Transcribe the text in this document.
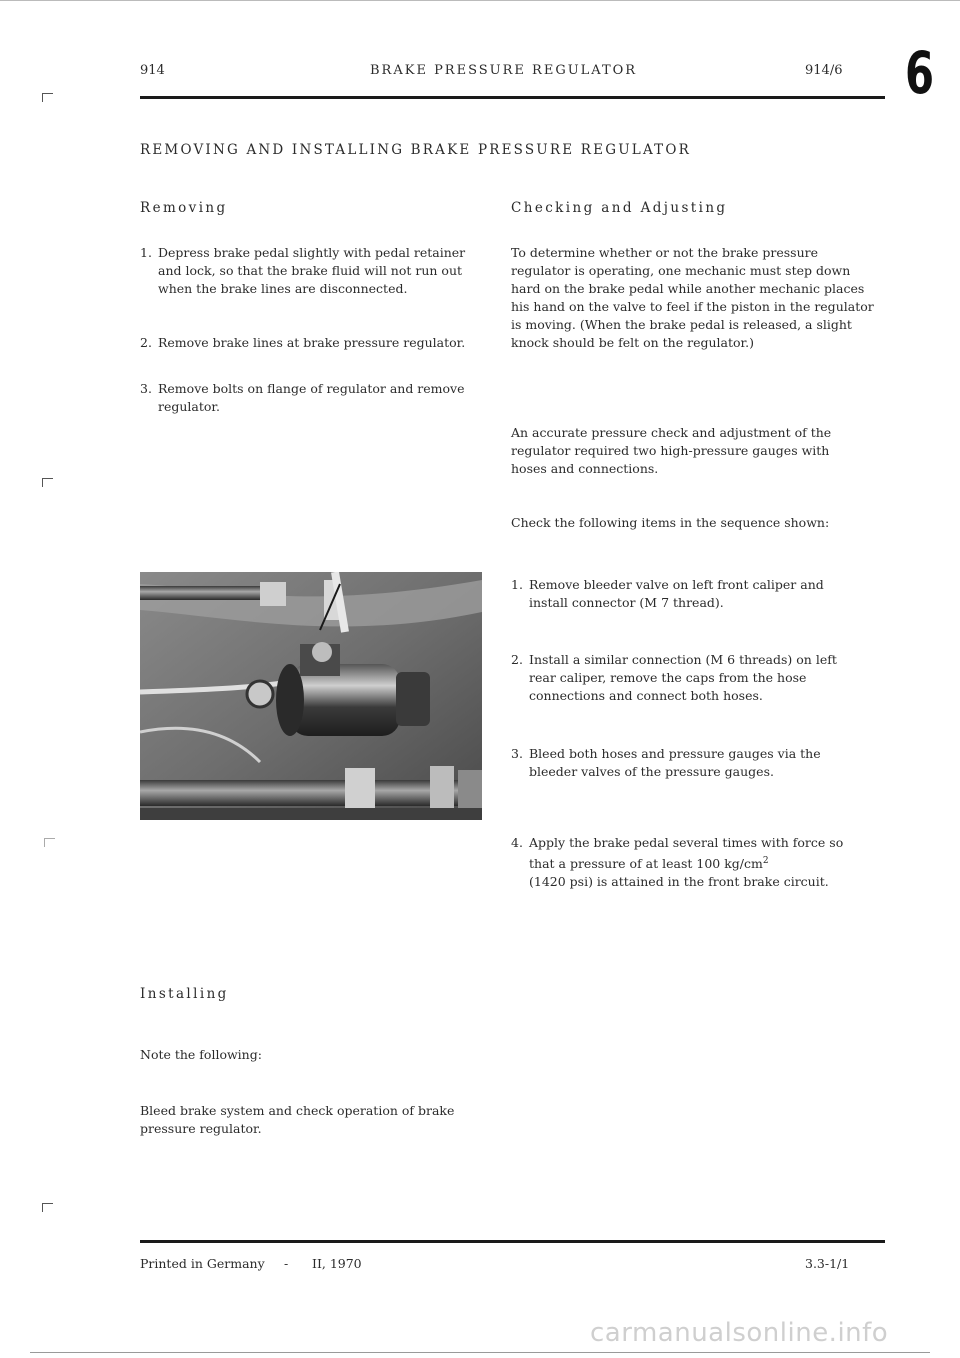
914	BRAKE PRESSURE REGULATOR	914/6 6
REMOVING AND INSTALLING BRAKE PRESSURE REGULATOR
Removing
1. Depress brake pedal slightly with pedal retainer and lock, so that the brake fluid will not run out when the brake lines are disconnected.
2. Remove brake lines at brake pressure regulator.
3. Remove bolts on flange of regulator and remove regulator.
Installing
Note the following:
Bleed brake system and check operation of brake pressure regulator.
Checking and Adjusting
To determine whether or not the brake pressure regulator is operating, one mechanic must step down hard on the brake pedal while another mechanic places his hand on the valve to feel if the piston in the regulator is moving. (When the brake pedal is released, a slight knock should be felt on the regulator.)
An accurate pressure check and adjustment of the regulator required two high-pressure gauges with hoses and connections.
Check the following items in the sequence shown:
1. Remove bleeder valve on left front caliper and install connector (M 7 thread).
2. Install a similar connection (M 6 threads) on left rear caliper, remove the caps from the hose connections and connect both hoses.
3. Bleed both hoses and pressure gauges via the bleeder valves of the pressure gauges.
4. Apply the brake pedal several times with force so that a pressure of at least 100 $kg/cm^2$
(1420 psi) is attained in the front brake circuit.
Printed in Germany - II, 1970	3.3-1/1
carmanualsonline.info
